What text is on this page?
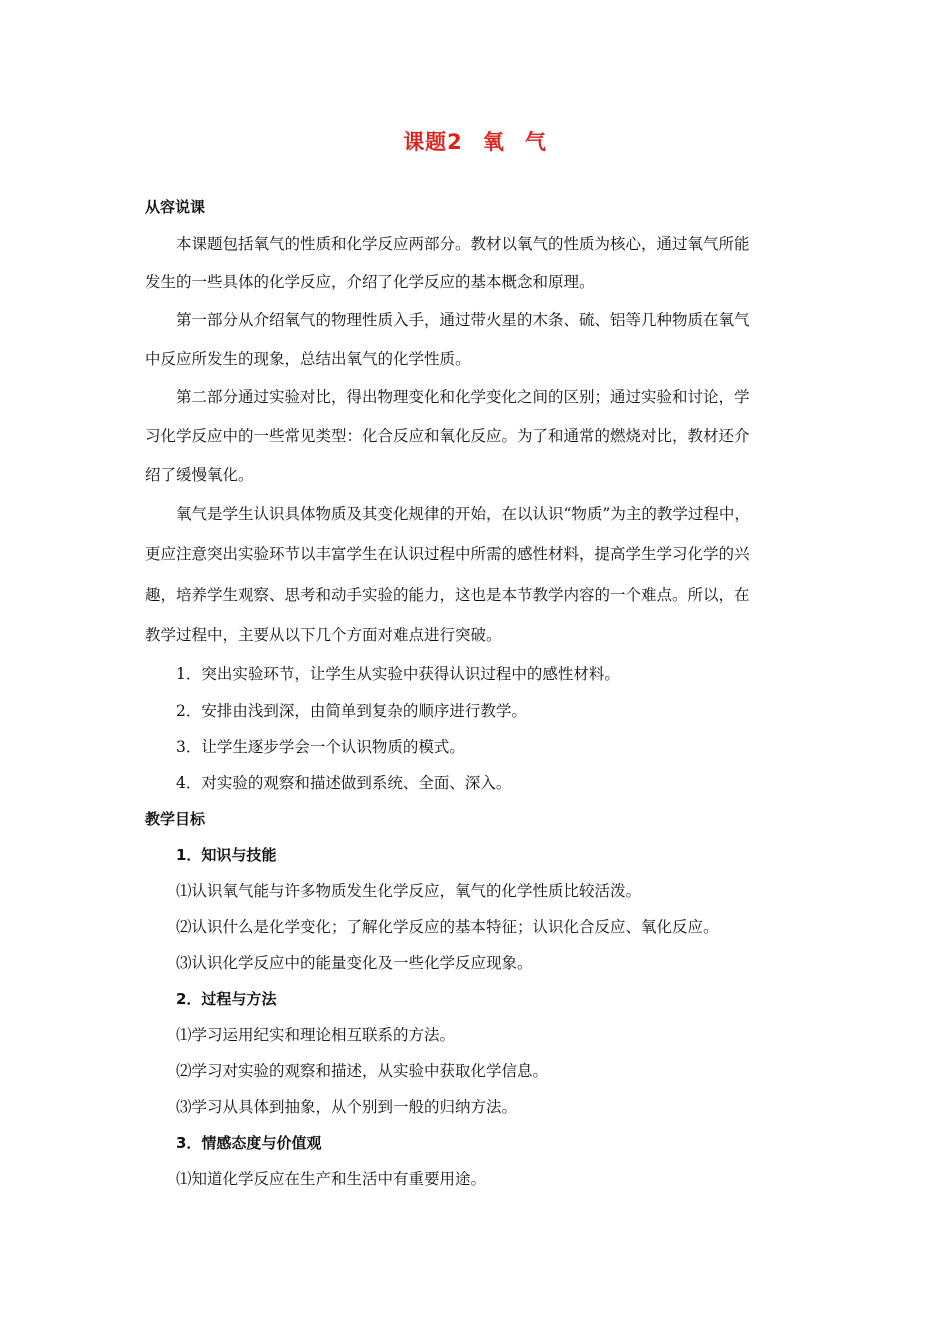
课题2 氧 气
从容说课
本课题包括氧气的性质和化学反应两部分。教材以氧气的性质为核心，通过氧气所能
发生的一些具体的化学反应，介绍了化学反应的基本概念和原理。
第一部分从介绍氧气的物理性质入手，通过带火星的木条、硫、铝等几种物质在氧气
中反应所发生的现象，总结出氧气的化学性质。
第二部分通过实验对比，得出物理变化和化学变化之间的区别；通过实验和讨论，学
习化学反应中的一些常见类型：化合反应和氧化反应。为了和通常的燃烧对比，教材还介
绍了缓慢氧化。
氧气是学生认识具体物质及其变化规律的开始，在以认识“物质”为主的教学过程中，
更应注意突出实验环节以丰富学生在认识过程中所需的感性材料，提高学生学习化学的兴
趣，培养学生观察、思考和动手实验的能力，这也是本节教学内容的一个难点。所以，在
教学过程中，主要从以下几个方面对难点进行突破。
1．突出实验环节，让学生从实验中获得认识过程中的感性材料。
2．安排由浅到深，由简单到复杂的顺序进行教学。
3．让学生逐步学会一个认识物质的模式。
4．对实验的观察和描述做到系统、全面、深入。
教学目标
1．知识与技能
⑴认识氧气能与许多物质发生化学反应，氧气的化学性质比较活泼。
⑵认识什么是化学变化；了解化学反应的基本特征；认识化合反应、氧化反应。
⑶认识化学反应中的能量变化及一些化学反应现象。
2．过程与方法
⑴学习运用纪实和理论相互联系的方法。
⑵学习对实验的观察和描述，从实验中获取化学信息。
⑶学习从具体到抽象，从个别到一般的归纳方法。
3．情感态度与价值观
⑴知道化学反应在生产和生活中有重要用途。
